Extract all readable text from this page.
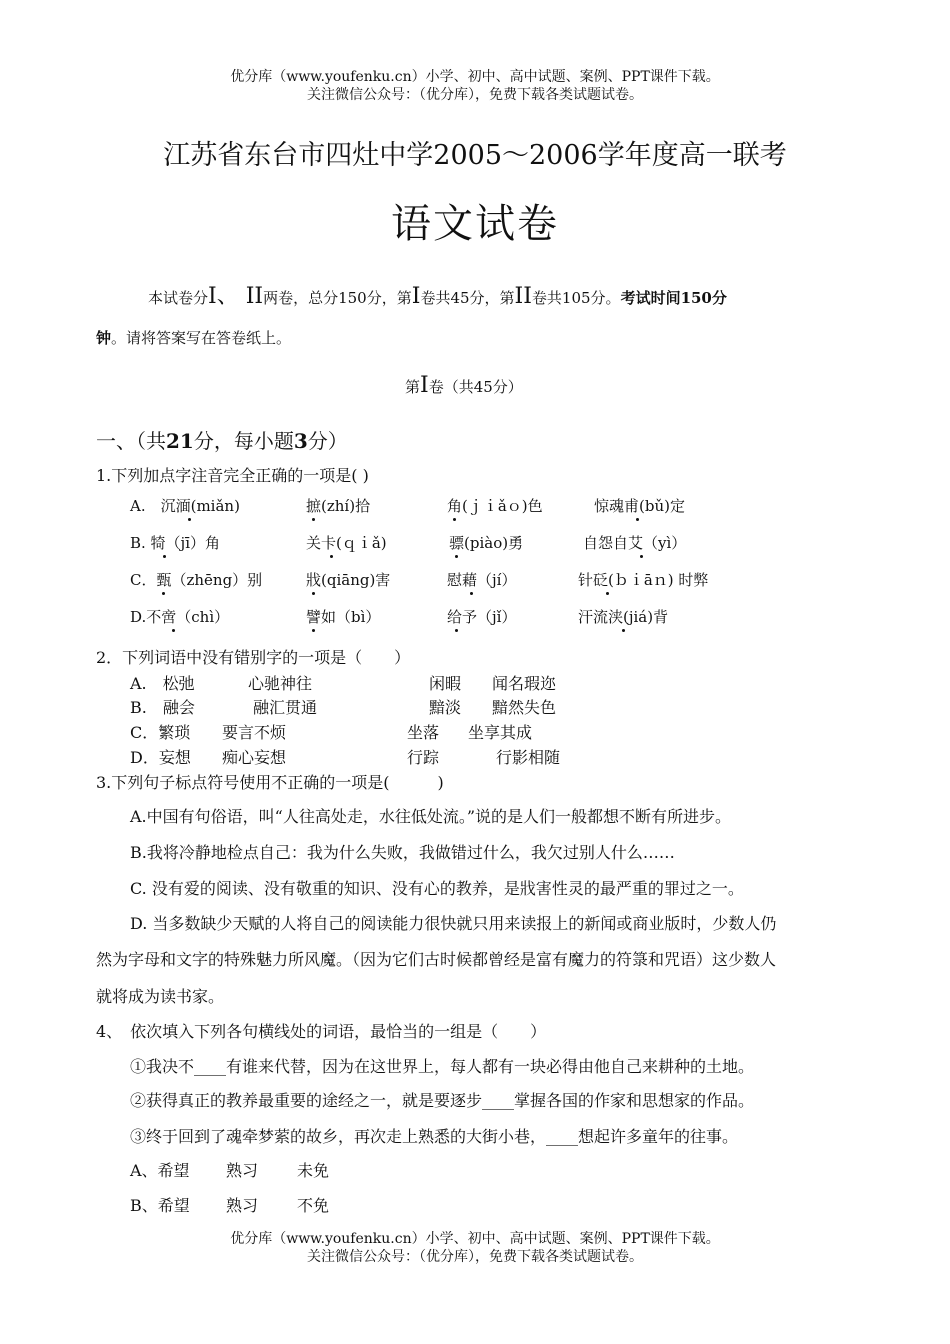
优分库（www.youfenku.cn）小学、初中、高中试题、案例、PPT课件下载。
关注微信公众号：（优分库），免费下载各类试题试卷。
江苏省东台市四灶中学2005～2006学年度高一联考
语文试卷
本试卷分Ⅰ、 ⅠⅠ两卷，总分150分，第Ⅰ卷共45分，第ⅠⅠ卷共105分。考试时间150分
钟。请将答案写在答卷纸上。
第Ⅰ卷（共45分）
一、（共21分，每小题3分）
1.下列加点字注音完全正确的一项是( )
A.　沉湎(miǎn)	摭(zhí)拾	角(ｊｉǎｏ)色	惊魂甫(bǔ)定
B. 犄（jī）角	关卡(ｑｉǎ)	骠(piào)勇	自怨自艾（yì）
C．甄（zhēng）别	戕(qiāng)害	慰藉（jí）	针砭(ｂｉāｎ) 时弊
D.不啻（chì）	譬如（bì）	给予（jǐ）	汗流浃(jiá)背
2．下列词语中没有错别字的一项是（　　）
A.　松弛	心驰神往	闲暇 闻名瑕迩
B.　融会	融汇贯通	黯淡 黯然失色
C．繁琐 要言不烦	坐落 坐享其成
D．妄想 痴心妄想	行踪	行影相随
3.下列句子标点符号使用不正确的一项是(　　　)
A.中国有句俗语，叫“人往高处走，水往低处流。”说的是人们一般都想不断有所进步。
B.我将冷静地检点自己：我为什么失败，我做错过什么，我欠过别人什么……
C. 没有爱的阅读、没有敬重的知识、没有心的教养，是戕害性灵的最严重的罪过之一。
D. 当多数缺少天赋的人将自己的阅读能力很快就只用来读报上的新闻或商业版时，少数人仍
然为字母和文字的特殊魅力所风魔。（因为它们古时候都曾经是富有魔力的符箓和咒语）这少数人
就将成为读书家。
4、　依次填入下列各句横线处的词语，最恰当的一组是（　　）
①我决不____有谁来代替，因为在这世界上，每人都有一块必得由他自己来耕种的土地。
②获得真正的教养最重要的途经之一，就是要逐步____掌握各国的作家和思想家的作品。
③终于回到了魂牵梦萦的故乡，再次走上熟悉的大街小巷，____想起许多童年的往事。
A、希望 熟习 未免
B、希望 熟习 不免
优分库（www.youfenku.cn）小学、初中、高中试题、案例、PPT课件下载。
关注微信公众号：（优分库），免费下载各类试题试卷。
